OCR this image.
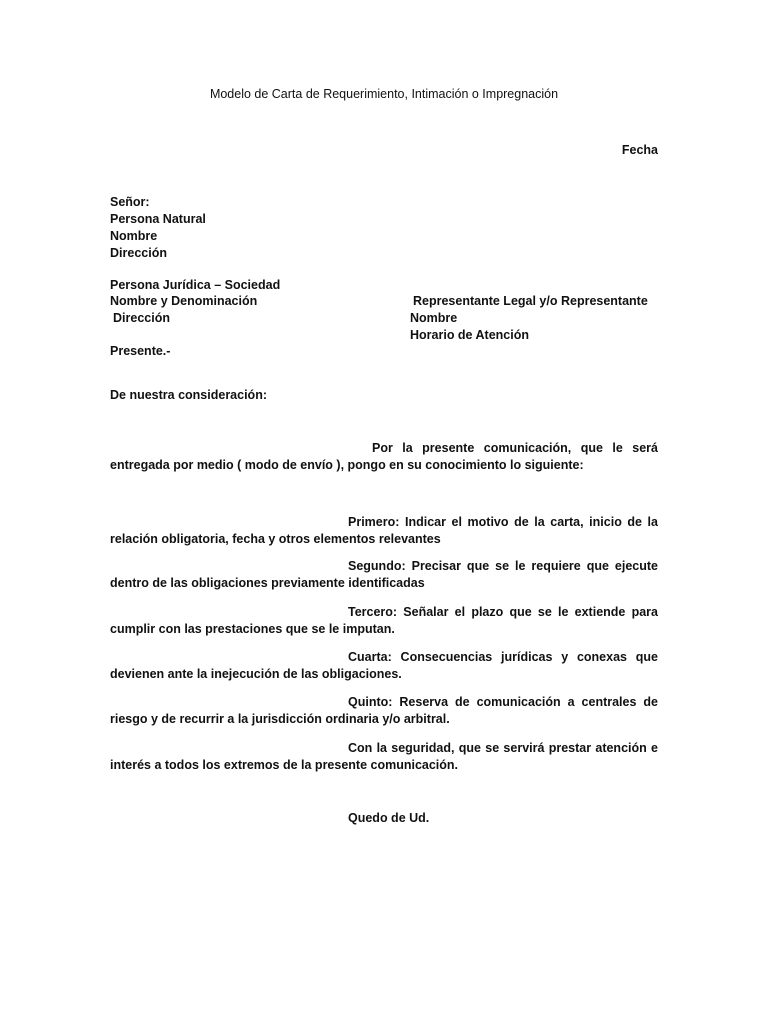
Modelo de Carta de Requerimiento, Intimación o Impregnación
Fecha
Señor:
Persona Natural
Nombre
Dirección
Persona Jurídica – Sociedad
Nombre y Denominación
Dirección
Representante Legal y/o Representante
Nombre
Horario de Atención
Presente.-
De nuestra consideración:
Por la presente comunicación, que le será
entregada por medio ( modo de envío ), pongo en su conocimiento lo siguiente:
Primero: Indicar el motivo de la carta, inicio de la
relación obligatoria, fecha y otros elementos relevantes
Segundo: Precisar que se le requiere que ejecute
dentro de las obligaciones previamente identificadas
Tercero: Señalar el plazo que se le extiende para
cumplir con las prestaciones que se le imputan.
Cuarta: Consecuencias jurídicas y conexas que
devienen ante la inejecución de las obligaciones.
Quinto: Reserva de comunicación a centrales de
riesgo y de recurrir a la jurisdicción ordinaria y/o arbitral.
Con la seguridad, que se servirá prestar atención e
interés a todos los extremos de la presente comunicación.
Quedo de Ud.
